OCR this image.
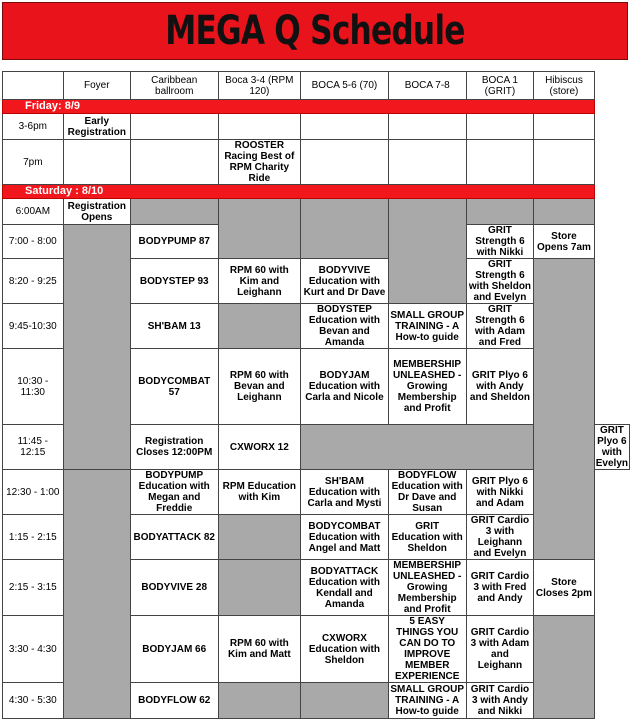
MEGA Q Schedule
	Foyer	Caribbean ballroom	Boca 3-4 (RPM 120)	BOCA 5-6 (70)	BOCA 7-8	BOCA 1 (GRIT)	Hibiscus (store)	
Friday: 8/9								
3-6pm	Early Registration							
7pm			ROOSTER Racing Best of RPM Charity Ride					
Saturday : 8/10								
6:00AM	Registration Opens							
7:00 - 8:00		BODYPUMP 87				GRIT Strength 6 with Nikki	Store Opens 7am	
8:20 - 9:25		BODYSTEP 93	RPM 60 with Kim and Leighann	BODYVIVE Education with Kurt and Dr Dave		GRIT Strength 6 with Sheldon and Evelyn		
9:45-10:30		SH'BAM 13		BODYSTEP Education with Bevan and Amanda	SMALL GROUP TRAINING - A How-to guide	GRIT Strength 6 with Adam and Fred		
10:30 - 11:30		BODYCOMBAT 57	RPM 60 with Bevan and Leighann	BODYJAM Education with Carla and Nicole	MEMBERSHIP UNLEASHED - Growing Membership and Profit	GRIT Plyo 6 with Andy and Sheldon		
11:45 - 12:15		Registration Closes 12:00PM	CXWORX 12					GRIT Plyo 6 with Evelyn
12:30 - 1:00		BODYPUMP Education with Megan and Freddie	RPM Education with Kim	SH'BAM Education with Carla and Mysti	BODYFLOW Education with Dr Dave and Susan	GRIT Plyo 6 with Nikki and Adam		
1:15 - 2:15		BODYATTACK 82		BODYCOMBAT Education with Angel and Matt	GRIT Education with Sheldon	GRIT Cardio 3 with Leighann and Evelyn		
2:15 - 3:15		BODYVIVE 28		BODYATTACK Education with Kendall and Amanda	MEMBERSHIP UNLEASHED - Growing Membership and Profit	GRIT Cardio 3 with Fred and Andy	Store Closes 2pm	
3:30 - 4:30		BODYJAM 66	RPM 60 with Kim and Matt	CXWORX Education with Sheldon	5 EASY THINGS YOU CAN DO TO IMPROVE MEMBER EXPERIENCE	GRIT Cardio 3 with Adam and Leighann		
4:30 - 5:30		BODYFLOW 62			SMALL GROUP TRAINING - A How-to guide	GRIT Cardio 3 with Andy and Nikki		
